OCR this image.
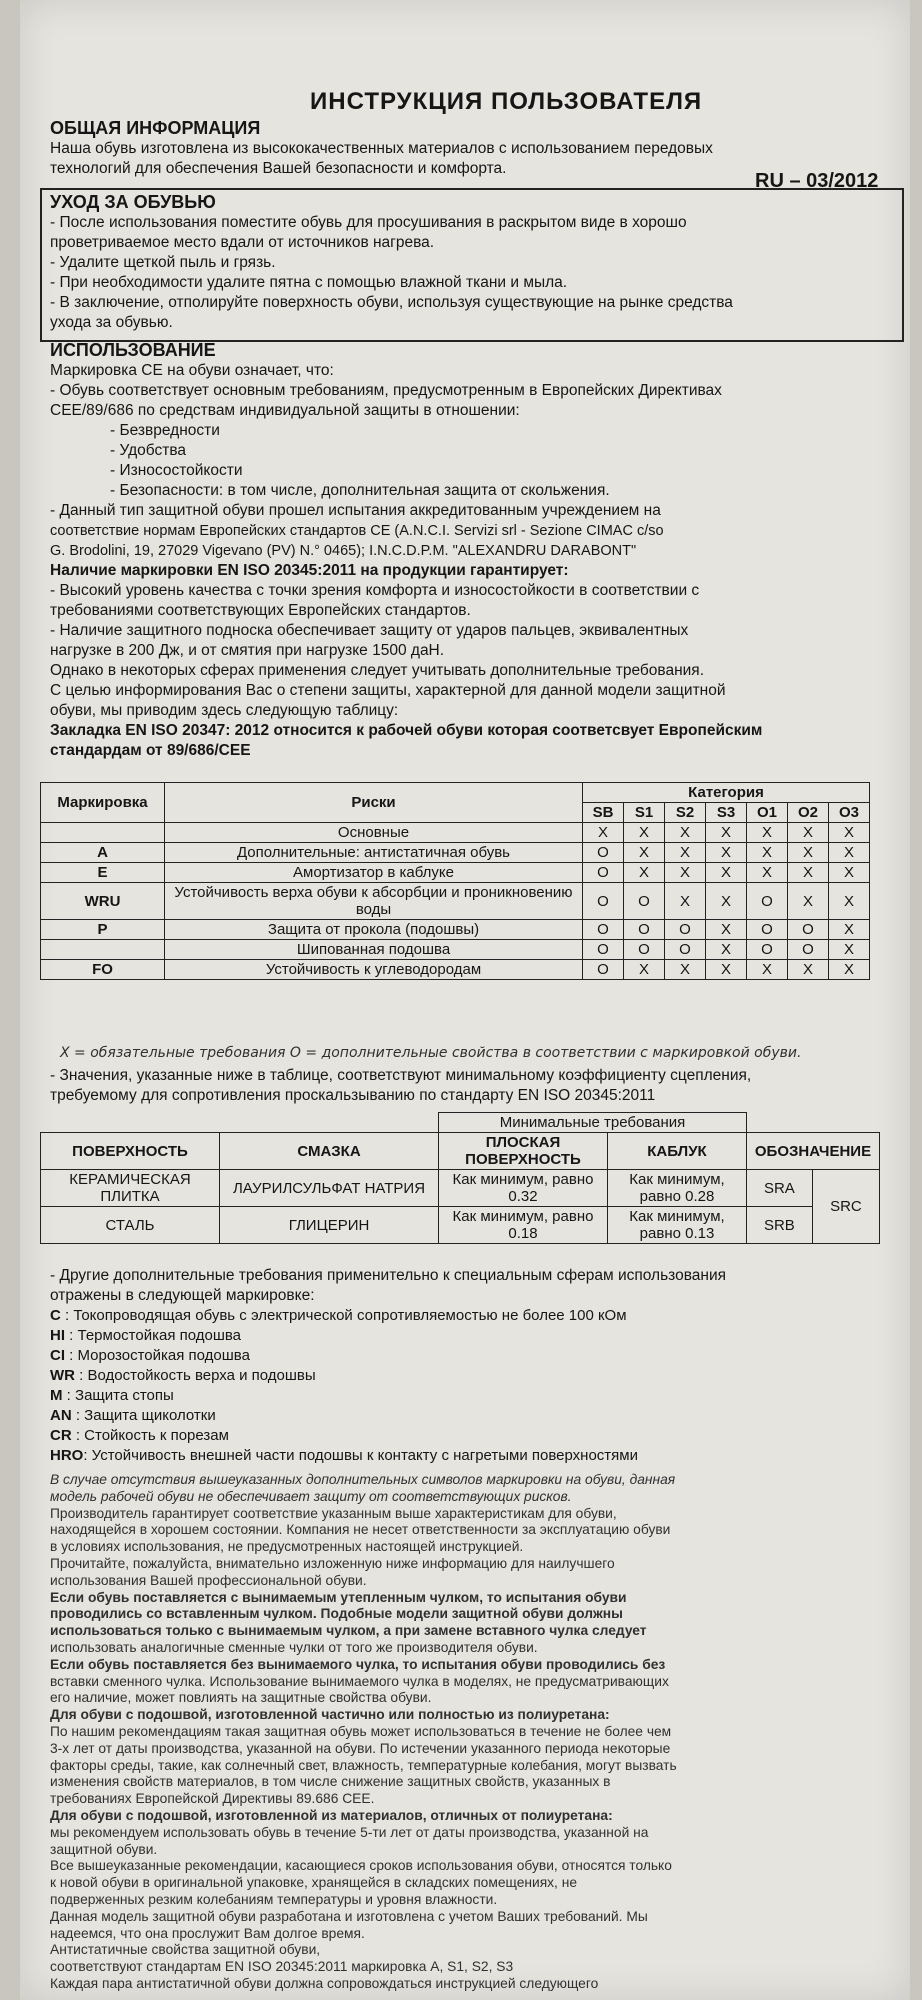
ИНСТРУКЦИЯ ПОЛЬЗОВАТЕЛЯ
RU – 03/2012
ОБЩАЯ ИНФОРМАЦИЯ

Наша обувь изготовлена из высококачественных материалов с использованием передовых

технологий для обеспечения Вашей безопасности и комфорта.

УХОД ЗА ОБУВЬЮ

- После использования поместите обувь для просушивания в раскрытом виде в хорошо

проветриваемое место вдали от источников нагрева.

- Удалите щеткой пыль и грязь.

- При необходимости удалите пятна с помощью влажной ткани и мыла.

- В заключение, отполируйте поверхность обуви, используя существующие на рынке средства

ухода за обувью.

ИСПОЛЬЗОВАНИЕ

Маркировка CE на обуви означает, что:

- Обувь соответствует основным требованиям, предусмотренным в Европейских Директивах

CEE/89/686 по средствам индивидуальной защиты в отношении:

- Безвредности

- Удобства

- Износостойкости

- Безопасности: в том числе, дополнительная защита от скольжения.

- Данный тип защитной обуви прошел испытания аккредитованным учреждением на

соответствие нормам Европейских стандартов CE (A.N.C.I. Servizi srl - Sezione CIMAC c/so

G. Brodolini, 19, 27029 Vigevano (PV) N.° 0465); I.N.C.D.P.M. "ALEXANDRU DARABONT"

Наличие маркировки EN ISO 20345:2011 на продукции гарантирует:

- Высокий уровень качества с точки зрения комфорта и износостойкости в соответствии с

требованиями соответствующих Европейских стандартов.

- Наличие защитного подноска обеспечивает защиту от ударов пальцев, эквивалентных

нагрузке в 200 Дж, и от смятия при нагрузке 1500 даН.

Однако в некоторых сферах применения следует учитывать дополнительные требования.

С целью информирования Вас о степени защиты, характерной для данной модели защитной

обуви, мы приводим здесь следующую таблицу:

Закладка EN ISO 20347: 2012 относится к рабочей обуви которая соответсвует Европейским

стандардам от 89/686/CEE

Маркировка	Риски	Категория						
		SB	S1	S2	S3	O1	O2	O3
	Основные	X	X	X	X	X	X	X
A	Дополнительные: антистатичная обувь	O	X	X	X	X	X	X
E	Амортизатор в каблуке	O	X	X	X	X	X	X
WRU	Устойчивость верха обуви к абсорбции и проникновению воды	O	O	X	X	O	X	X
P	Защита от прокола (подошвы)	O	O	O	X	O	O	X
	Шипованная подошва	O	O	O	X	O	O	X
FO	Устойчивость к углеводородам	O	X	X	X	X	X	X
X = обязательные требования O = дополнительные свойства в соответствии с маркировкой обуви.

- Значения, указанные ниже в таблице, соответствуют минимальному коэффициенту сцепления,

требуемому для сопротивления проскальзыванию по стандарту EN ISO 20345:2011

		Минимальные требования			
ПОВЕРХНОСТЬ	СМАЗКА	ПЛОСКАЯ ПОВЕРХНОСТЬ	КАБЛУК	ОБОЗНАЧЕНИЕ	
КЕРАМИЧЕСКАЯ ПЛИТКА	ЛАУРИЛСУЛЬФАТ НАТРИЯ	Как минимум, равно 0.32	Как минимум, равно 0.28	SRA	SRC
СТАЛЬ	ГЛИЦЕРИН	Как минимум, равно 0.18	Как минимум, равно 0.13	SRB	

- Другие дополнительные требования применительно к специальным сферам использования

отражены в следующей маркировке:

C : Токопроводящая обувь с электрической сопротивляемостью не более 100 кОм
HI : Термостойкая подошва
CI : Морозостойкая подошва
WR : Водостойкость верха и подошвы
M : Защита стопы
AN : Защита щиколотки
CR : Стойкость к порезам
HRO: Устойчивость внешней части подошвы к контакту с нагретыми поверхностями

В случае отсутствия вышеуказанных дополнительных символов маркировки на обуви, данная

модель рабочей обуви не обеспечивает защиту от соответствующих рисков.

Производитель гарантирует соответствие указанным выше характеристикам для обуви,

находящейся в хорошем состоянии. Компания не несет ответственности за эксплуатацию обуви

в условиях использования, не предусмотренных настоящей инструкцией.

Прочитайте, пожалуйста, внимательно изложенную ниже информацию для наилучшего

использования Вашей профессиональной обуви.

Если обувь поставляется с вынимаемым утепленным чулком, то испытания обуви

проводились со вставленным чулком. Подобные модели защитной обуви должны

использоваться только с вынимаемым чулком, а при замене вставного чулка следует

использовать аналогичные сменные чулки от того же производителя обуви.

Если обувь поставляется без вынимаемого чулка, то испытания обуви проводились без

вставки сменного чулка. Использование вынимаемого чулка в моделях, не предусматривающих

его наличие, может повлиять на защитные свойства обуви.

Для обуви с подошвой, изготовленной частично или полностью из полиуретана:

По нашим рекомендациям такая защитная обувь может использоваться в течение не более чем

3-х лет от даты производства, указанной на обуви. По истечении указанного периода некоторые

факторы среды, такие, как солнечный свет, влажность, температурные колебания, могут вызвать

изменения свойств материалов, в том числе снижение защитных свойств, указанных в

требованиях Европейской Директивы 89.686 CEE.

Для обуви с подошвой, изготовленной из материалов, отличных от полиуретана:

мы рекомендуем использовать обувь в течение 5-ти лет от даты производства, указанной на

защитной обуви.

Все вышеуказанные рекомендации, касающиеся сроков использования обуви, относятся только

к новой обуви в оригинальной упаковке, хранящейся в складских помещениях, не

подверженных резким колебаниям температуры и уровня влажности.

Данная модель защитной обуви разработана и изготовлена с учетом Ваших требований. Мы

надеемся, что она прослужит Вам долгое время.

Антистатичные свойства защитной обуви,

соответствуют стандартам EN ISO 20345:2011 маркировка A, S1, S2, S3

Каждая пара антистатичной обуви должна сопровождаться инструкцией следующего
